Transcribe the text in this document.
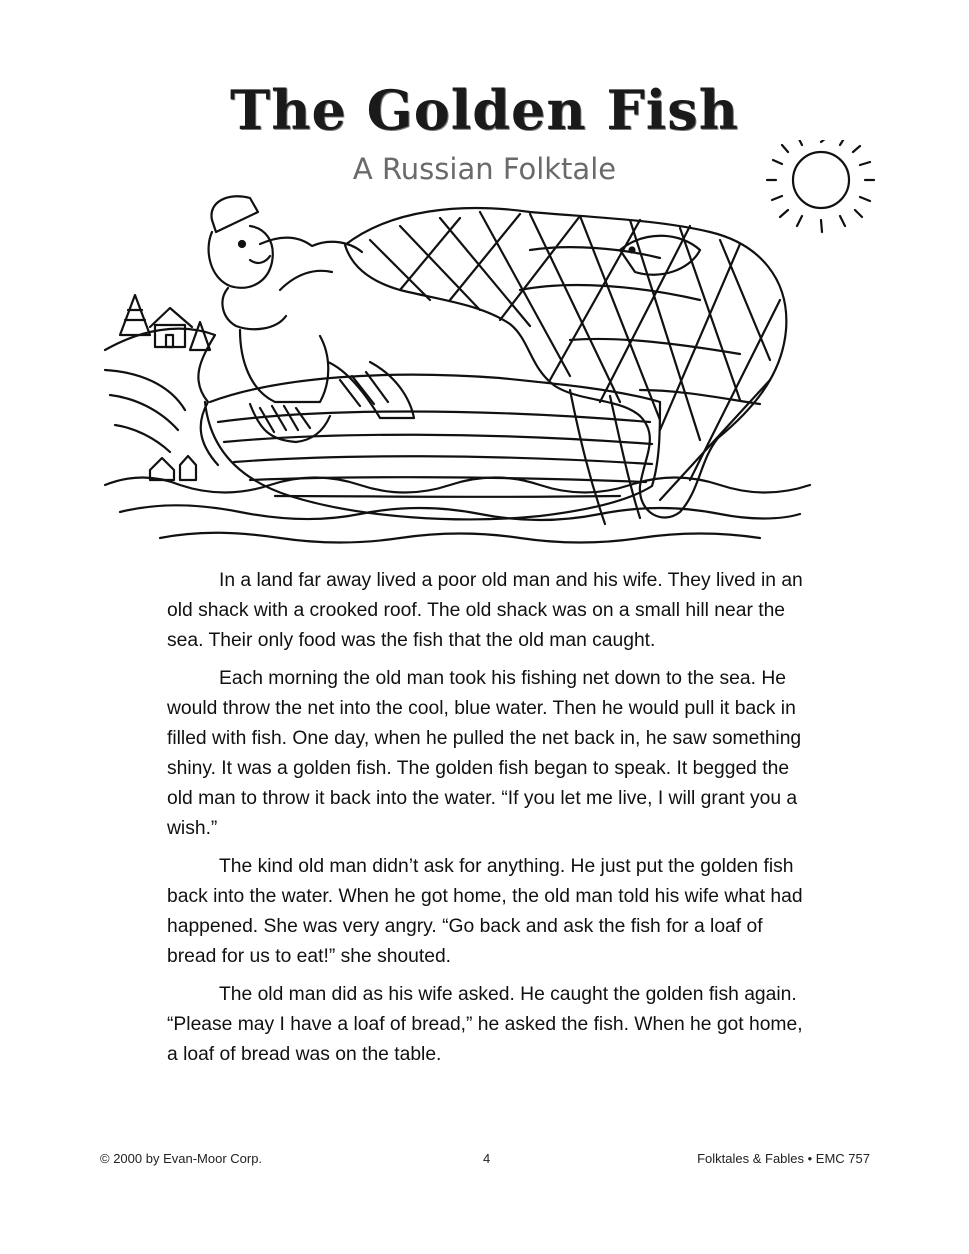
The Golden Fish
A Russian Folktale

In a land far away lived a poor old man and his wife. They lived in an old shack with a crooked roof. The old shack was on a small hill near the sea. Their only food was the fish that the old man caught.

Each morning the old man took his fishing net down to the sea. He would throw the net into the cool, blue water. Then he would pull it back in filled with fish. One day, when he pulled the net back in, he saw something shiny. It was a golden fish. The golden fish began to speak. It begged the old man to throw it back into the water. “If you let me live, I will grant you a wish.”

The kind old man didn’t ask for anything. He just put the golden fish back into the water. When he got home, the old man told his wife what had happened. She was very angry. “Go back and ask the fish for a loaf of bread for us to eat!” she shouted.

The old man did as his wife asked. He caught the golden fish again. “Please may I have a loaf of bread,” he asked the fish. When he got home, a loaf of bread was on the table.

© 2000 by Evan-Moor Corp.	4	Folktales & Fables • EMC 757
